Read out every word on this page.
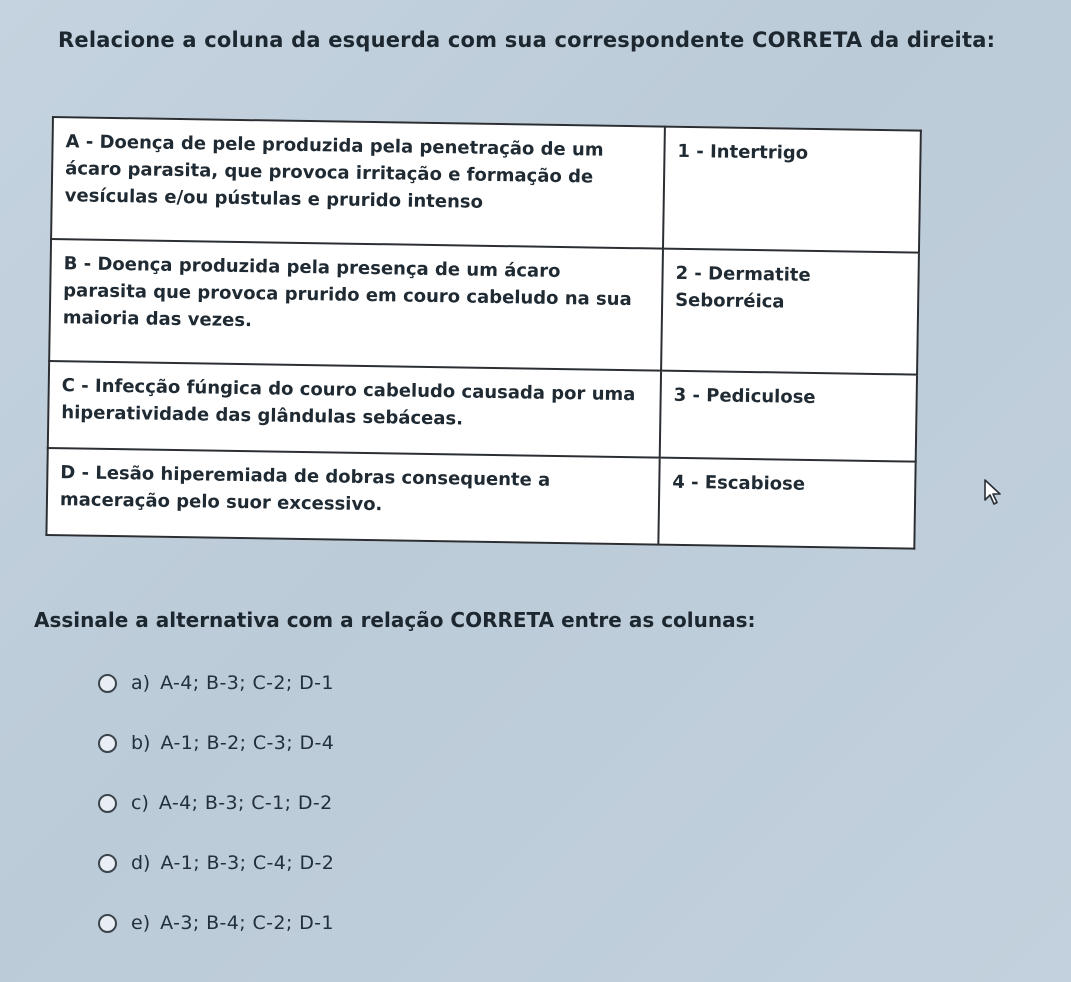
Relacione a coluna da esquerda com sua correspondente CORRETA da direita:
A - Doença de pele produzida pela penetração de um ácaro parasita, que provoca irritação e formação de vesículas e/ou pústulas e prurido intenso	1 - Intertrigo
B - Doença produzida pela presença de um ácaro parasita que provoca prurido em couro cabeludo na sua maioria das vezes.	2 - Dermatite Seborréica
C - Infecção fúngica do couro cabeludo causada por uma hiperatividade das glândulas sebáceas.	3 - Pediculose
D - Lesão hiperemiada de dobras consequente a maceração pelo suor excessivo.	4 - Escabiose
Assinale a alternativa com a relação CORRETA entre as colunas:
a) A-4; B-3; C-2; D-1
b) A-1; B-2; C-3; D-4
c) A-4; B-3; C-1; D-2
d) A-1; B-3; C-4; D-2
e) A-3; B-4; C-2; D-1
